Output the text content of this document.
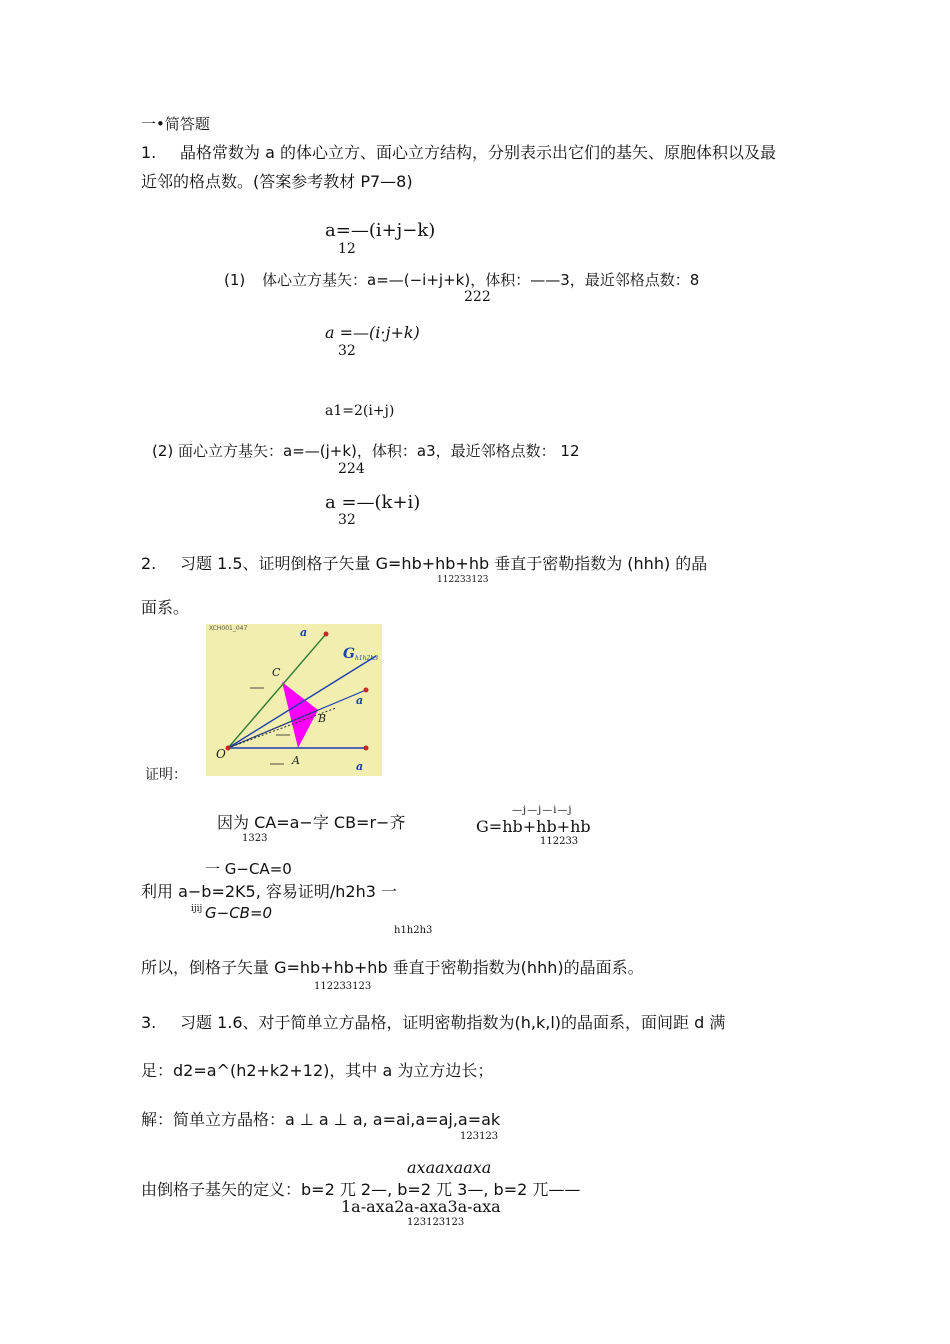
一•简答题
1. 晶格常数为 a 的体心立方、面心立方结构，分别表示出它们的基矢、原胞体积以及最
近邻的格点数。(答案参考教材 P7—8)
a=—(i+j−k)
12
(1) 体心立方基矢：a=—(−i+j+k)，体积：——3，最近邻格点数：8
222
a =—(i·j+k)
32
a1=2(i+j)
(2) 面心立方基矢：a=—(j+k)，体积：a3，最近邻格点数： 12
224
a =—(k+i)
32
2. 习题 1.5、证明倒格子矢量 G=hb+hb+hb 垂直于密勒指数为 (hhh) 的晶
112233123
面系。
XCH001_047
O	A
B
C
a
a
a
G h1h2h3
证明：
因为 CA=a−字 CB=r−齐
1323
—j—j—i—j
G=hb+hb+hb
112233
一 G−CA=0
利用 a−b=2K5, 容易证明/h2h3 一
ijij G−CB=0
h1h2h3
所以，倒格子矢量 G=hb+hb+hb 垂直于密勒指数为(hhh)的晶面系。
112233123
3. 习题 1.6、对于简单立方晶格，证明密勒指数为(h,k,l)的晶面系，面间距 d 满
足：d2=a^(h2+k2+12)，其中 a 为立方边长；
解：简单立方晶格：a ⊥ a ⊥ a, a=ai,a=aj,a=ak
123123
axaaxaaxa
由倒格子基矢的定义：b=2 兀 2—, b=2 兀 3—, b=2 兀——
1a-axa2a-axa3a-axa
123123123
